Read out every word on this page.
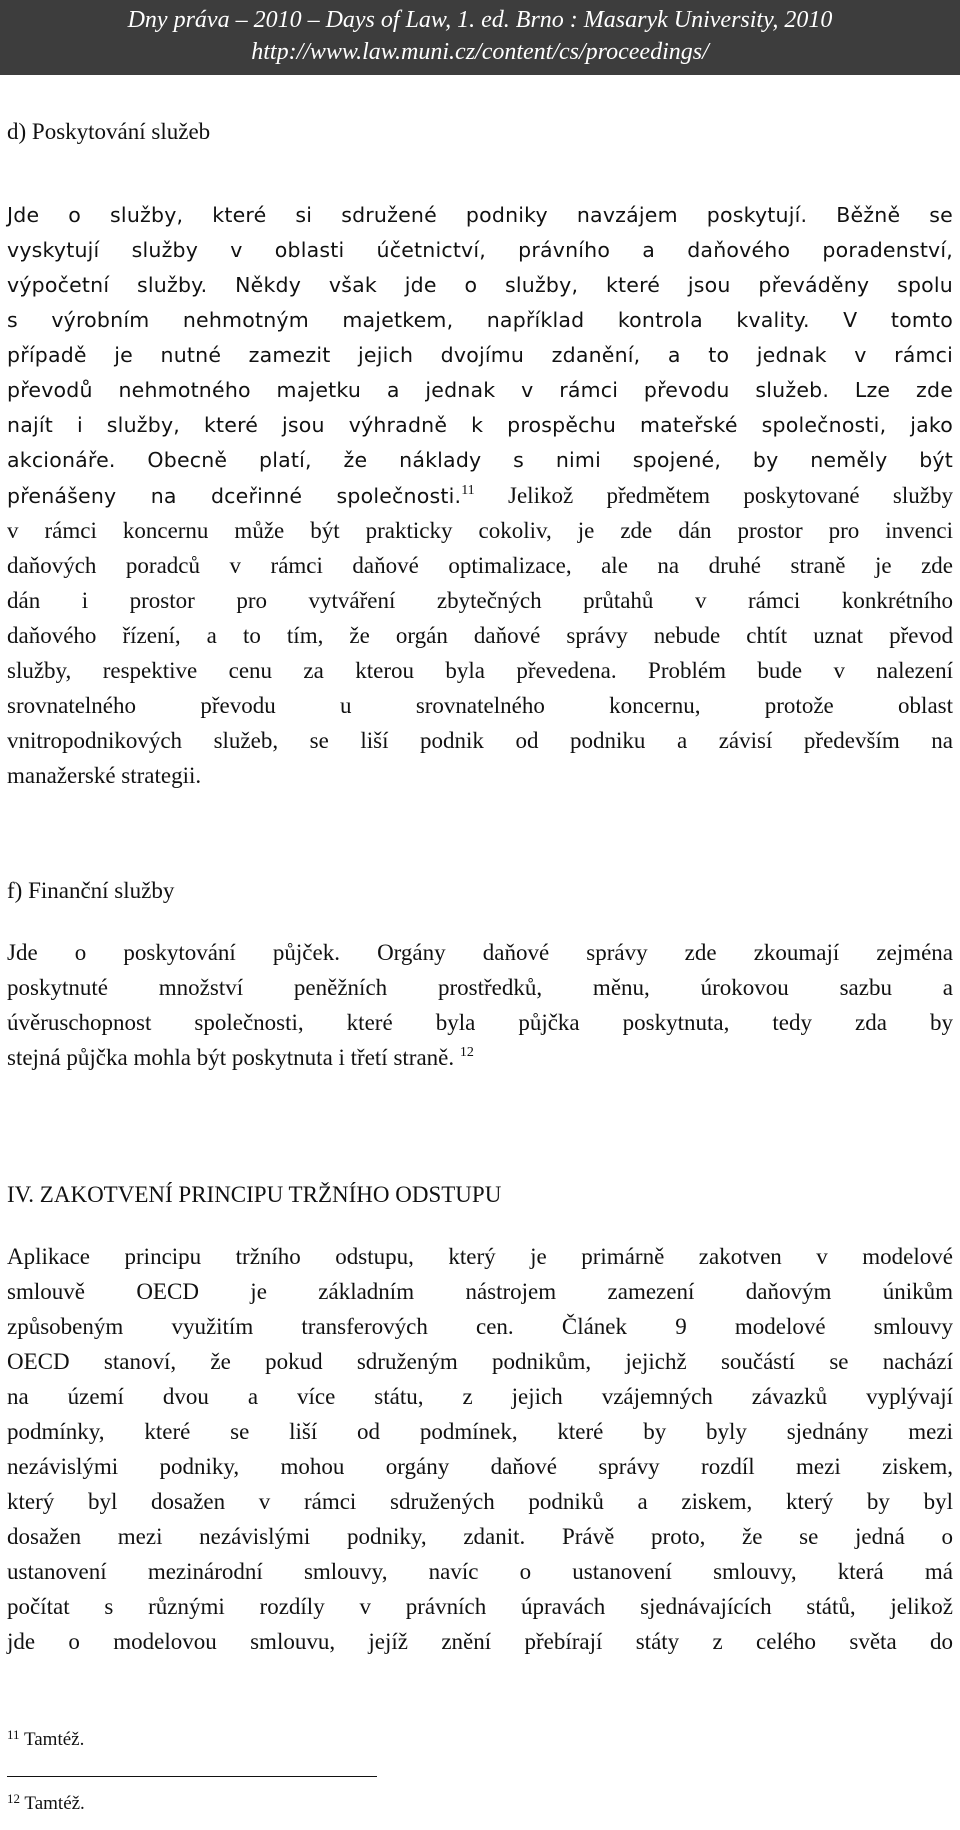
Dny práva – 2010 – Days of Law, 1. ed. Brno : Masaryk University, 2010
http://www.law.muni.cz/content/cs/proceedings/

d) Poskytování služeb

Jde o služby, které si sdružené podniky navzájem poskytují. Běžně se
vyskytují služby v oblasti účetnictví, právního a daňového poradenství,
výpočetní služby. Někdy však jde o služby, které jsou převáděny spolu
s výrobním nehmotným majetkem, například kontrola kvality. V tomto
případě je nutné zamezit jejich dvojímu zdanění, a to jednak v rámci
převodů nehmotného majetku a jednak v rámci převodu služeb. Lze zde
najít i služby, které jsou výhradně k prospěchu mateřské společnosti, jako
akcionáře. Obecně platí, že náklady s nimi spojené, by neměly být
přenášeny na dceřinné společnosti.$^{11}$ Jelikož předmětem poskytované služby
v rámci koncernu může být prakticky cokoliv, je zde dán prostor pro invenci
daňových poradců v rámci daňové optimalizace, ale na druhé straně je zde
dán i prostor pro vytváření zbytečných průtahů v rámci konkrétního
daňového řízení, a to tím, že orgán daňové správy nebude chtít uznat převod
služby, respektive cenu za kterou byla převedena. Problém bude v nalezení
srovnatelného převodu u srovnatelného koncernu, protože oblast
vnitropodnikových služeb, se liší podnik od podniku a závisí především na
manažerské strategii.

f) Finanční služby

Jde o poskytování půjček. Orgány daňové správy zde zkoumají zejména
poskytnuté množství peněžních prostředků, měnu, úrokovou sazbu a
úvěruschopnost společnosti, které byla půjčka poskytnuta, tedy zda by
stejná půjčka mohla být poskytnuta i třetí straně. $^{12}$

IV. ZAKOTVENÍ PRINCIPU TRŽNÍHO ODSTUPU

Aplikace principu tržního odstupu, který je primárně zakotven v modelové
smlouvě OECD je základním nástrojem zamezení daňovým únikům
způsobeným využitím transferových cen. Článek 9 modelové smlouvy
OECD stanoví, že pokud sdruženým podnikům, jejichž součástí se nachází
na území dvou a více státu, z jejich vzájemných závazků vyplývají
podmínky, které se liší od podmínek, které by byly sjednány mezi
nezávislými podniky, mohou orgány daňové správy rozdíl mezi ziskem,
který byl dosažen v rámci sdružených podniků a ziskem, který by byl
dosažen mezi nezávislými podniky, zdanit. Právě proto, že se jedná o
ustanovení mezinárodní smlouvy, navíc o ustanovení smlouvy, která má
počítat s různými rozdíly v právních úpravách sjednávajících států, jelikož
jde o modelovou smlouvu, jejíž znění přebírají státy z celého světa do
$^{11}$ Tamtéž.
$^{12}$ Tamtéž.
